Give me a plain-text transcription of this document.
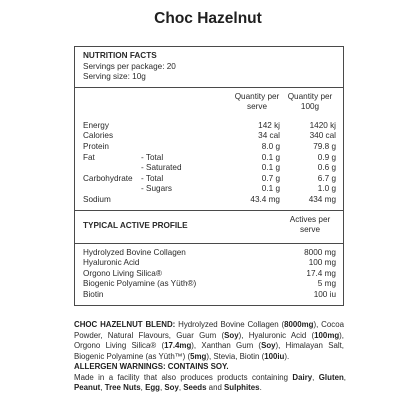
Choc Hazelnut
NUTRITION FACTS
Servings per package: 20
Serving size: 10g
Quantity per serve
Quantity per 100g
Energy	142 kj	1420 kj
Calories	34 cal	340 cal
Protein	8.0 g	79.8 g
Fat	- Total	0.1 g	0.9 g
- Saturated	0.1 g	0.6 g
Carbohydrate - Total	0.7 g	6.7 g
- Sugars	0.1 g	1.0 g
Sodium	43.4 mg	434 mg
TYPICAL ACTIVE PROFILE
Actives per serve
Hydrolyzed Bovine Collagen	8000 mg
Hyaluronic Acid	100 mg
Orgono Living Silica®	17.4 mg
Biogenic Polyamine (as Yüth®)	5 mg
Biotin	100 iu
CHOC HAZELNUT BLEND: Hydrolyzed Bovine Collagen (8000mg), Cocoa Powder, Natural Flavours, Guar Gum (Soy), Hyaluronic Acid (100mg), Orgono Living Silica® (17.4mg), Xanthan Gum (Soy), Himalayan Salt, Biogenic Polyamine (as Yüth™) (5mg), Stevia, Biotin (100iu).
ALLERGEN WARNINGS: CONTAINS SOY.
Made in a facility that also produces products containing Dairy, Gluten, Peanut, Tree Nuts, Egg, Soy, Seeds and Sulphites.
